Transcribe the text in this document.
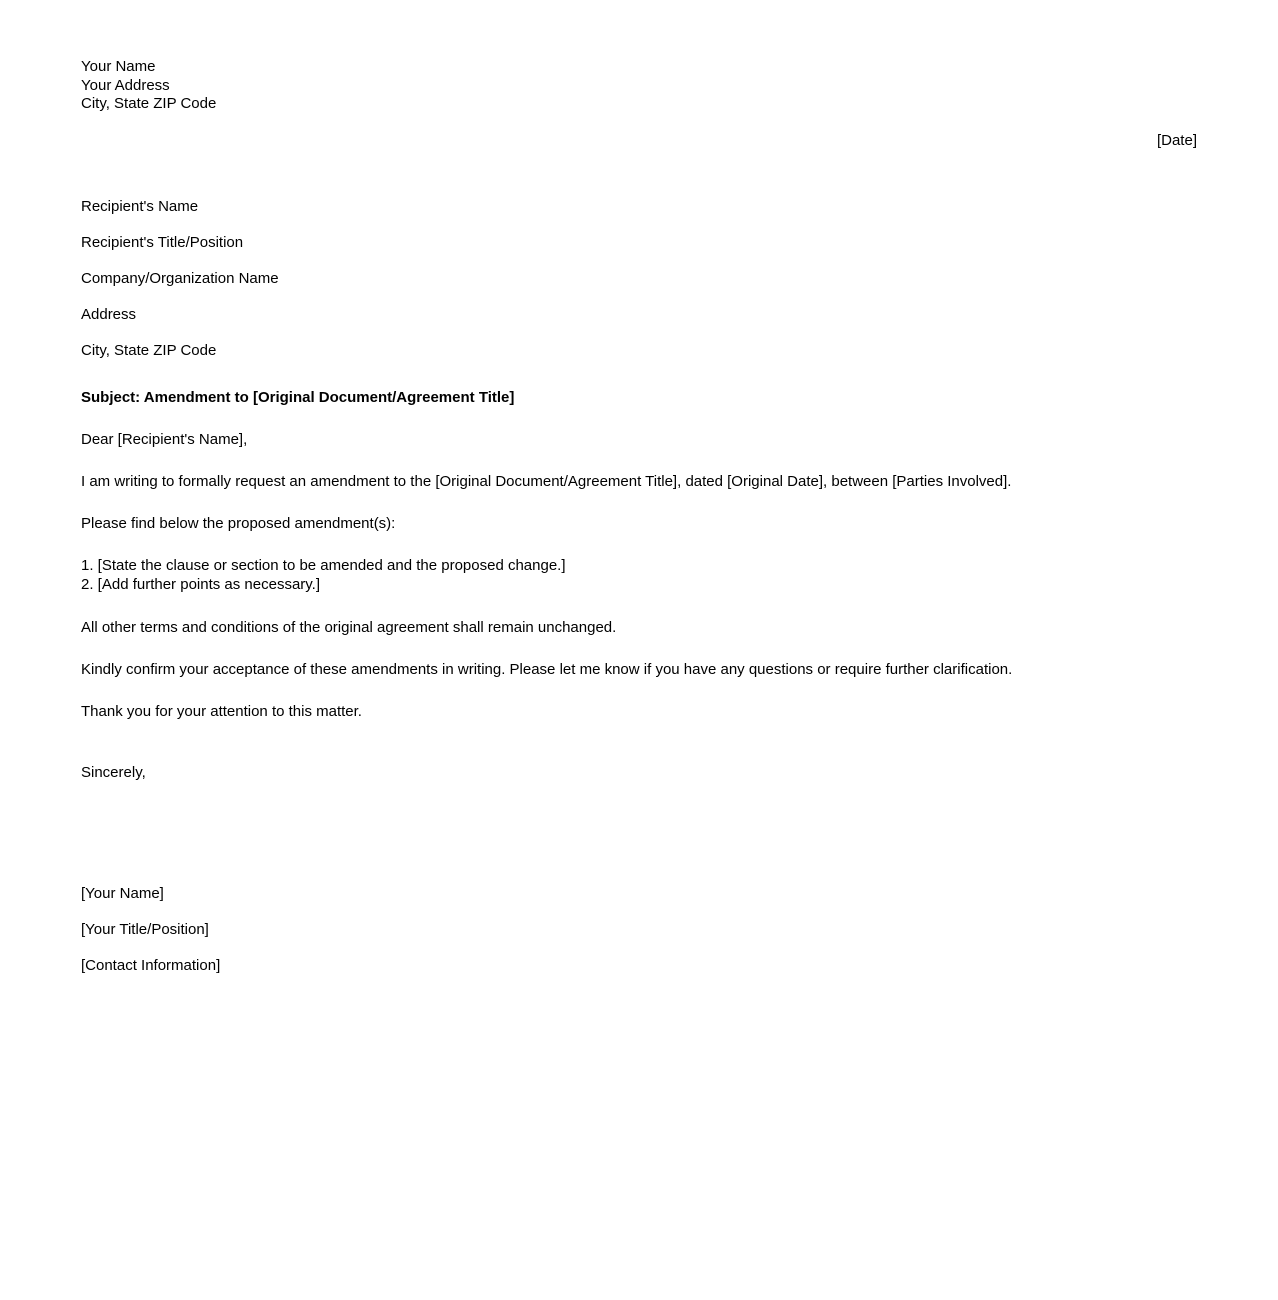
Your Name
Your Address
City, State ZIP Code
[Date]

Recipient's Name

Recipient's Title/Position

Company/Organization Name

Address

City, State ZIP Code

Subject: Amendment to [Original Document/Agreement Title]

Dear [Recipient's Name],

I am writing to formally request an amendment to the [Original Document/Agreement Title], dated [Original Date], between [Parties Involved].

Please find below the proposed amendment(s):

1. [State the clause or section to be amended and the proposed change.]

2. [Add further points as necessary.]

All other terms and conditions of the original agreement shall remain unchanged.

Kindly confirm your acceptance of these amendments in writing. Please let me know if you have any questions or require further clarification.

Thank you for your attention to this matter.

Sincerely,

[Your Name]

[Your Title/Position]

[Contact Information]
